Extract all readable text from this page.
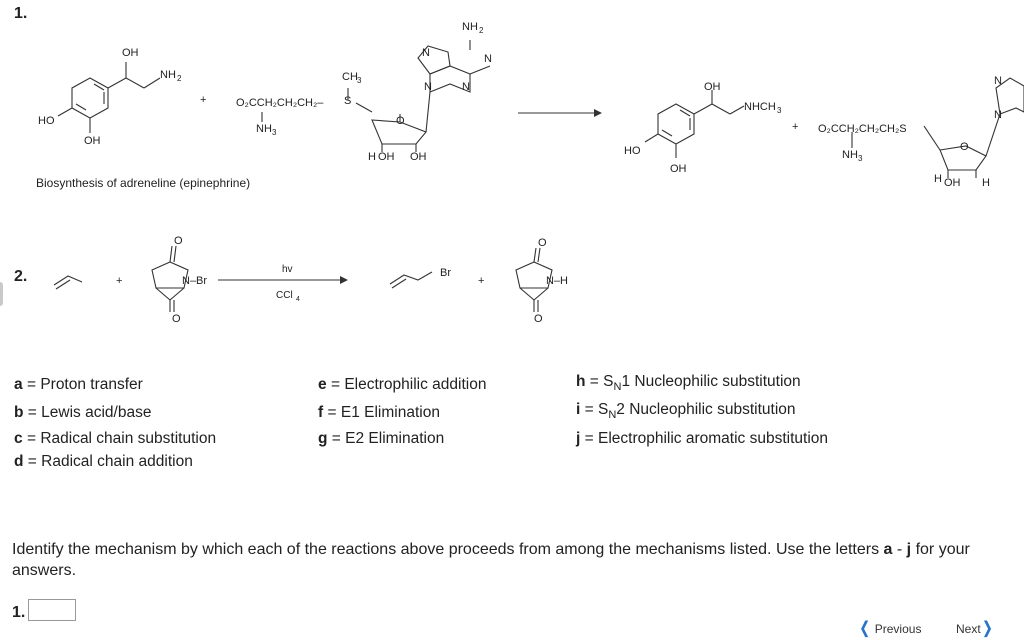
1.
2.
OH
NH 2
HO
OH
+	O₂CCH₂CH₂CH₂–
CH 3
S
NH 3
O
H OH OH
NH 2
N	N
N
N	OH
NHCH 3
HO
OH
+ O₂CCH₂CH₂CH₂S
NH 3
O
H OH H
N
N
+
O
N–Br
O
hv
CCl 4
Br
+
O
N–H
O
Biosynthesis of adreneline (epinephrine)
a = Proton transfer
b = Lewis acid/base
c = Radical chain substitution
d = Radical chain addition
e = Electrophilic addition
f = E1 Elimination
g = E2 Elimination
$h = S_N1$ Nucleophilic substitution
$i = S_N2$ Nucleophilic substitution
j = Electrophilic aromatic substitution
Identify the mechanism by which each of the reactions above proceeds from among the mechanisms listed. Use the letters a - j for your answers.
1.
❬ Previous	Next❭
